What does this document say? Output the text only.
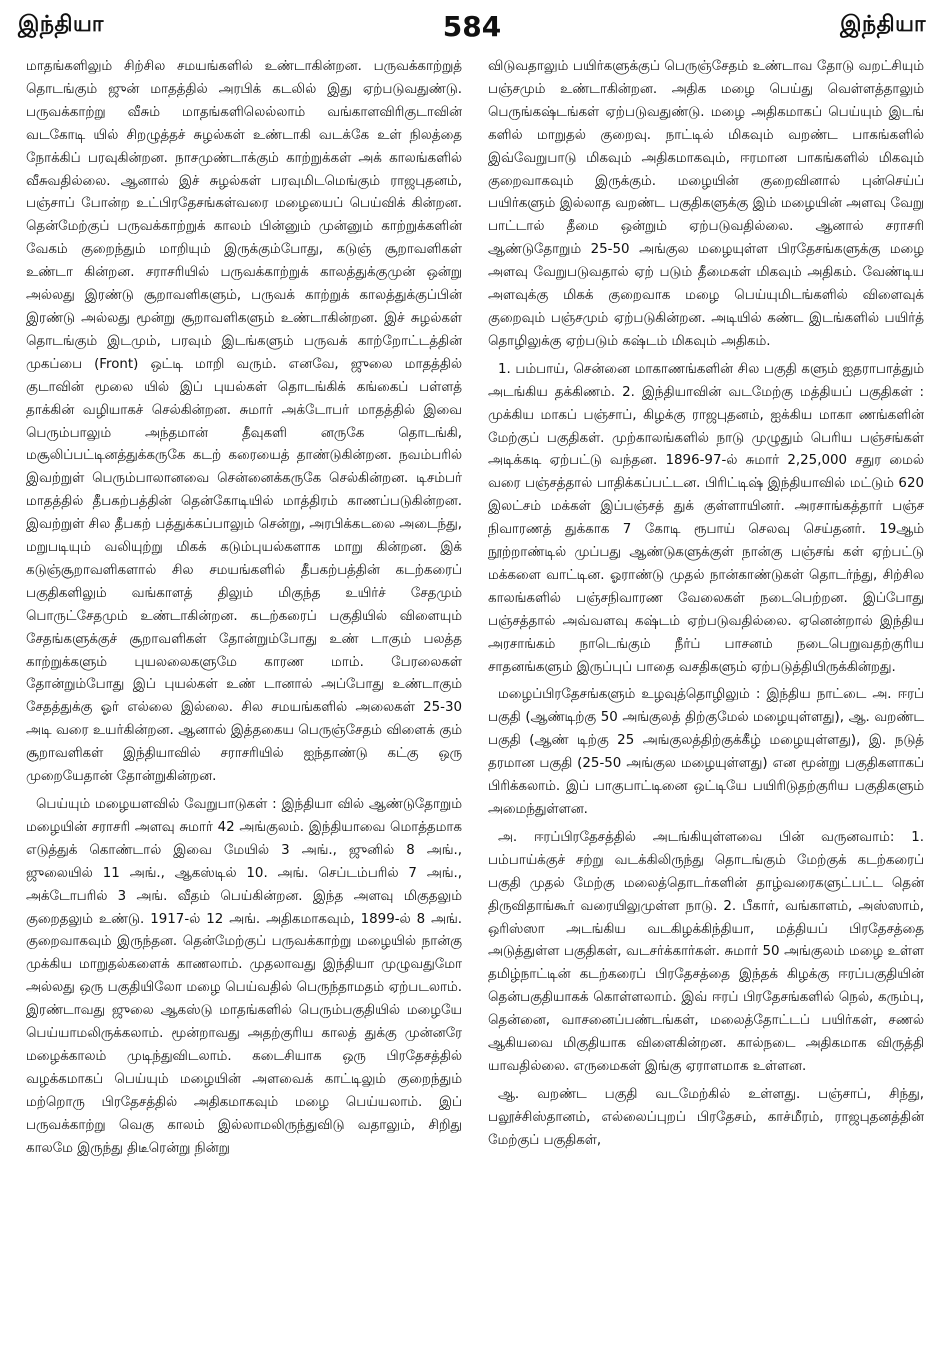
இந்தியா	584	இந்தியா

மாதங்களிலும் சிற்சில சமயங்களில் உண்டாகின்றன. பருவக்காற்றுத் தொடங்கும் ஜுன் மாதத்தில் அரபிக் கடலில் இது ஏற்படுவதுண்டு. பருவக்காற்று வீசும் மாதங்களிலெல்லாம் வங்காளவிரிகுடாவின் வடகோடி யில் சிறழுத்தச் சுழல்கள் உண்டாகி வடக்கே உள் நிலத்தை நோக்கிப் பரவுகின்றன. நாசமுண்டாக்கும் காற்றுக்கள் அக் காலங்களில் வீசுவதில்லை. ஆனால் இச் சுழல்கள் பரவுமிடமெங்கும் ராஜபுதனம், பஞ்சாப் போன்ற உட்பிரதேசங்கள்வரை மழையைப் பெய்விக் கின்றன. தென்மேற்குப் பருவக்காற்றுக் காலம் பின்னும் முன்னும் காற்றுக்களின் வேகம் குறைந்தும் மாறியும் இருக்கும்போது, கடுஞ் சூறாவளிகள் உண்டா கின்றன. சராசரியில் பருவக்காற்றுக் காலத்துக்குமுன் ஒன்று அல்லது இரண்டு சூறாவளிகளும், பருவக் காற்றுக் காலத்துக்குப்பின் இரண்டு அல்லது மூன்று சூறாவளிகளும் உண்டாகின்றன. இச் சுழல்கள் தொடங்கும் இடமும், பரவும் இடங்களும் பருவக் காற்றோட்டத்தின் முகப்பை (Front) ஒட்டி மாறி வரும். எனவே, ஜுலை மாதத்தில் குடாவின் மூலை யில் இப் புயல்கள் தொடங்கிக் கங்கைப் பள்ளத் தாக்கின் வழியாகச் செல்கின்றன. சுமார் அக்டோபர் மாதத்தில் இவை பெரும்பாலும் அந்தமான் தீவுகளி னருகே தொடங்கி, மசூலிப்பட்டினத்துக்கருகே கடற் கரையைத் தாண்டுகின்றன. நவம்பரில் இவற்றுள் பெரும்பாலானவை சென்னைக்கருகே செல்கின்றன. டிசம்பர் மாதத்தில் தீபகற்பத்தின் தென்கோடியில் மாத்திரம் காணப்படுகின்றன. இவற்றுள் சில தீபகற் பத்துக்கப்பாலும் சென்று, அரபிக்கடலை அடைந்து, மறுபடியும் வலியுற்று மிகக் கடும்புயல்களாக மாறு கின்றன. இக் கடுஞ்சூறாவளிகளால் சில சமயங்களில் தீபகற்பத்தின் கடற்கரைப் பகுதிகளிலும் வங்காளத் திலும் மிகுந்த உயிர்ச் சேதமும் பொருட்சேதமும் உண்டாகின்றன. கடற்கரைப் பகுதியில் விளையும் சேதங்களுக்குச் சூறாவளிகள் தோன்றும்போது உண் டாகும் பலத்த காற்றுக்களும் புயலலைகளுமே காரண மாம். பேரலைகள் தோன்றும்போது இப் புயல்கள் உண் டானால் அப்போது உண்டாகும் சேதத்துக்கு ஓர் எல்லை இல்லை. சில சமயங்களில் அலைகள் 25-30 அடி வரை உயர்கின்றன. ஆனால் இத்தகைய பெருஞ்சேதம் விளைக் கும் சூறாவளிகள் இந்தியாவில் சராசரியில் ஐந்தாண்டு கட்கு ஒரு முறையேதான் தோன்றுகின்றன.

பெய்யும் மழையளவில் வேறுபாடுகள் : இந்தியா வில் ஆண்டுதோறும் மழையின் சராசரி அளவு சுமார் 42 அங்குலம். இந்தியாவை மொத்தமாக எடுத்துக் கொண்டால் இவை மேயில் 3 அங்., ஜுனில் 8 அங்., ஜுலையில் 11 அங்., ஆகஸ்டில் 10. அங். செப்டம்பரில் 7 அங்., அக்டோபரில் 3 அங். வீதம் பெய்கின்றன. இந்த அளவு மிகுதலும் குறைதலும் உண்டு. 1917-ல் 12 அங். அதிகமாகவும், 1899-ல் 8 அங். குறைவாகவும் இருந்தன. தென்மேற்குப் பருவக்காற்று மழையில் நான்கு முக்கிய மாறுதல்களைக் காணலாம். முதலாவது இந்தியா முழுவதுமோ அல்லது ஒரு பகுதியிலோ மழை பெய்வதில் பெருந்தாமதம் ஏற்படலாம். இரண்டாவது ஜுலை ஆகஸ்டு மாதங்களில் பெரும்பகுதியில் மழையே பெய்யாமலிருக்கலாம். மூன்றாவது அதற்குரிய காலத் துக்கு முன்னரே மழைக்காலம் முடிந்துவிடலாம். கடைசியாக ஒரு பிரதேசத்தில் வழக்கமாகப் பெய்யும் மழையின் அளவைக் காட்டிலும் குறைந்தும் மற்றொரு பிரதேசத்தில் அதிகமாகவும் மழை பெய்யலாம். இப் பருவக்காற்று வெகு காலம் இல்லாமலிருந்துவிடு வதாலும், சிறிது காலமே இருந்து திடீரென்று நின்று

விடுவதாலும் பயிர்களுக்குப் பெருஞ்சேதம் உண்டாவ தோடு வறட்சியும் பஞ்சமும் உண்டாகின்றன. அதிக மழை பெய்து வெள்ளத்தாலும் பெருங்கஷ்டங்கள் ஏற்படுவதுண்டு. மழை அதிகமாகப் பெய்யும் இடங் களில் மாறுதல் குறைவு. நாட்டில் மிகவும் வறண்ட பாகங்களில் இவ்வேறுபாடு மிகவும் அதிகமாகவும், ஈரமான பாகங்களில் மிகவும் குறைவாகவும் இருக்கும். மழையின் குறைவினால் புன்செய்ப் பயிர்களும் இல்லாத வறண்ட பகுதிகளுக்கு இம் மழையின் அளவு வேறு பாட்டால் தீமை ஒன்றும் ஏற்படுவதில்லை. ஆனால் சராசரி ஆண்டுதோறும் 25-50 அங்குல மழையுள்ள பிரதேசங்களுக்கு மழை அளவு வேறுபடுவதால் ஏற் படும் தீமைகள் மிகவும் அதிகம். வேண்டிய அளவுக்கு மிகக் குறைவாக மழை பெய்யுமிடங்களில் விளைவுக் குறைவும் பஞ்சமும் ஏற்படுகின்றன. அடியில் கண்ட இடங்களில் பயிர்த் தொழிலுக்கு ஏற்படும் கஷ்டம் மிகவும் அதிகம்.

1. பம்பாய், சென்னை மாகாணங்களின் சில பகுதி களும் ஐதராபாத்தும் அடங்கிய தக்கிணம். 2. இந்தியாவின் வடமேற்கு மத்தியப் பகுதிகள் : முக்கிய மாகப் பஞ்சாப், கிழக்கு ராஜபுதனம், ஐக்கிய மாகா ணங்களின் மேற்குப் பகுதிகள். முற்காலங்களில் நாடு முழுதும் பெரிய பஞ்சங்கள் அடிக்கடி ஏற்பட்டு வந்தன. 1896-97-ல் சுமார் 2,25,000 சதுர மைல் வரை பஞ்சத்தால் பாதிக்கப்பட்டன. பிரிட்டிஷ் இந்தியாவில் மட்டும் 620 இலட்சம் மக்கள் இப்பஞ்சத் துக் குள்ளாயினர். அரசாங்கத்தார் பஞ்ச நிவாரணத் துக்காக 7 கோடி ரூபாய் செலவு செய்தனர். 19ஆம் நூற்றாண்டில் முப்பது ஆண்டுகளுக்குள் நான்கு பஞ்சங் கள் ஏற்பட்டு மக்களை வாட்டின. ஓராண்டு முதல் நான்காண்டுகள் தொடர்ந்து, சிற்சில காலங்களில் பஞ்சநிவாரண வேலைகள் நடைபெற்றன. இப்போது பஞ்சத்தால் அவ்வளவு கஷ்டம் ஏற்படுவதில்லை. ஏனென்றால் இந்திய அரசாங்கம் நாடெங்கும் நீர்ப் பாசனம் நடைபெறுவதற்குரிய சாதனங்களும் இருப்புப் பாதை வசதிகளும் ஏற்படுத்தியிருக்கின்றது.

மழைப்பிரதேசங்களும் உழவுத்தொழிலும் : இந்திய நாட்டை அ. ஈரப் பகுதி (ஆண்டிற்கு 50 அங்குலத் திற்குமேல் மழையுள்ளது), ஆ. வறண்ட பகுதி (ஆண் டிற்கு 25 அங்குலத்திற்குக்கீழ் மழையுள்ளது), இ. நடுத் தரமான பகுதி (25-50 அங்குல மழையுள்ளது) என மூன்று பகுதிகளாகப் பிரிக்கலாம். இப் பாகுபாட்டினை ஒட்டியே பயிரிடுதற்குரிய பகுதிகளும் அமைந்துள்ளன.

அ. ஈரப்பிரதேசத்தில் அடங்கியுள்ளவை பின் வருனவாம்: 1. பம்பாய்க்குச் சற்று வடக்கிலிருந்து தொடங்கும் மேற்குக் கடற்கரைப் பகுதி முதல் மேற்கு மலைத்தொடர்களின் தாழ்வரைகளுட்பட்ட தென் திருவிதாங்கூர் வரையிலுமுள்ள நாடு. 2. பீகார், வங்காளம், அஸ்ஸாம், ஒரிஸ்ஸா அடங்கிய வடகிழக்கிந்தியா, மத்தியப் பிரதேசத்தை அடுத்துள்ள பகுதிகள், வடசர்க்கார்கள். சுமார் 50 அங்குலம் மழை உள்ள தமிழ்நாட்டின் கடற்கரைப் பிரதேசத்தை இந்தக் கிழக்கு ஈரப்பகுதியின் தென்பகுதியாகக் கொள்ளலாம். இவ் ஈரப் பிரதேசங்களில் நெல், கரும்பு, தென்னை, வாசனைப்பண்டங்கள், மலைத்தோட்டப் பயிர்கள், சணல் ஆகியவை மிகுதியாக விளைகின்றன. கால்நடை அதிகமாக விருத்தி யாவதில்லை. எருமைகள் இங்கு ஏராளமாக உள்ளன.

ஆ. வறண்ட பகுதி வடமேற்கில் உள்ளது. பஞ்சாப், சிந்து, பலூச்சிஸ்தானம், எல்லைப்புறப் பிரதேசம், காச்மீரம், ராஜபுதனத்தின் மேற்குப் பகுதிகள்,
